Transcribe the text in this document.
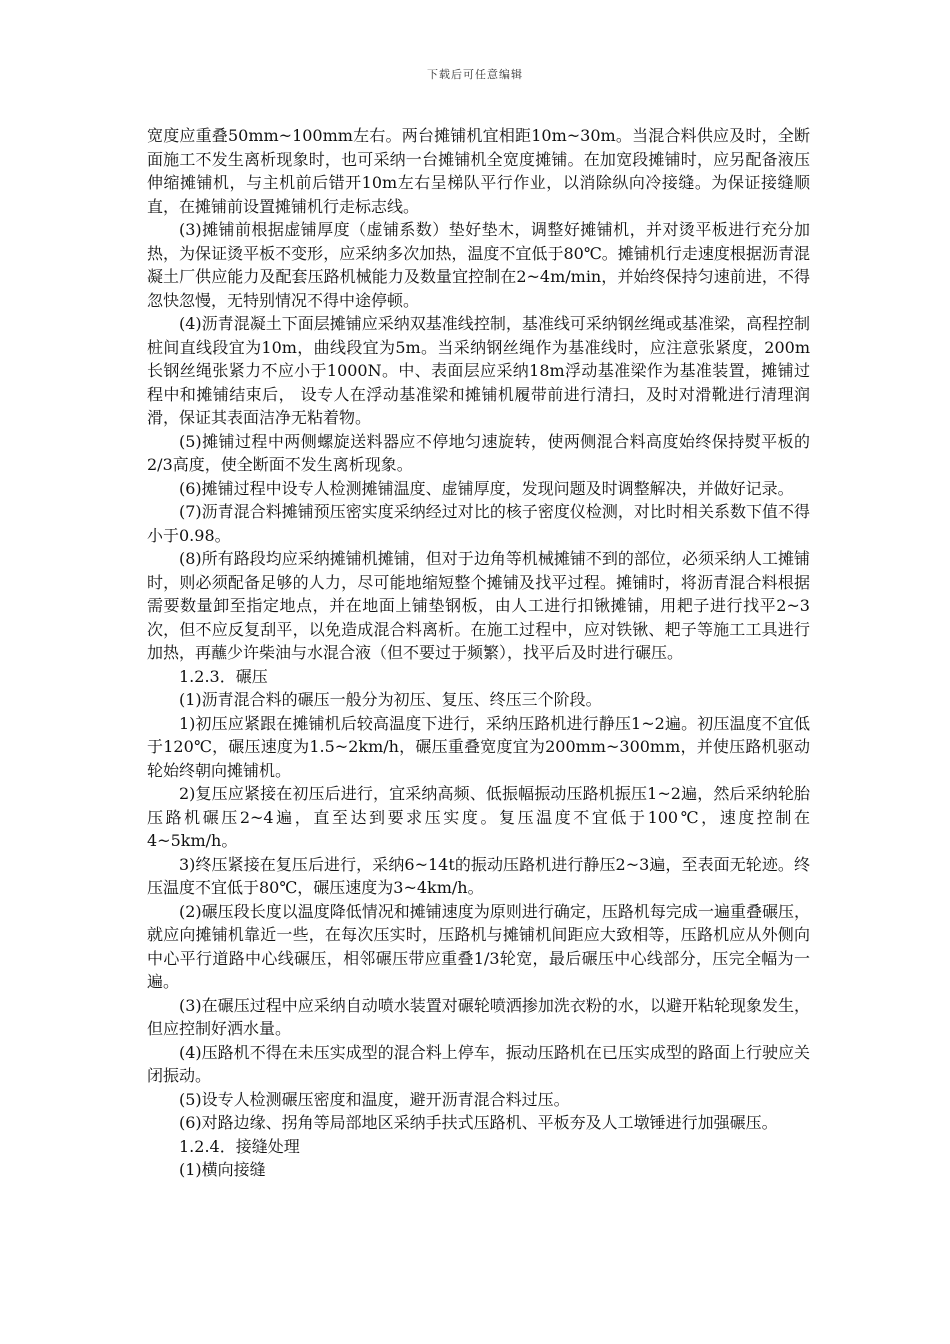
下载后可任意编辑

宽度应重叠50mm~100mm左右。两台摊铺机宜相距10m~30m。当混合料供应及时，全断面施工不发生离析现象时，也可采纳一台摊铺机全宽度摊铺。在加宽段摊铺时，应另配备液压伸缩摊铺机，与主机前后错开10m左右呈梯队平行作业，以消除纵向冷接缝。为保证接缝顺直，在摊铺前设置摊铺机行走标志线。

(3)摊铺前根据虚铺厚度（虚铺系数）垫好垫木，调整好摊铺机，并对烫平板进行充分加热，为保证烫平板不变形，应采纳多次加热，温度不宜低于80℃。摊铺机行走速度根据沥青混凝土厂供应能力及配套压路机械能力及数量宜控制在2~4m/min，并始终保持匀速前进，不得忽快忽慢，无特别情况不得中途停顿。

(4)沥青混凝土下面层摊铺应采纳双基准线控制，基准线可采纳钢丝绳或基准梁，高程控制桩间直线段宜为10m，曲线段宜为5m。当采纳钢丝绳作为基准线时，应注意张紧度，200m长钢丝绳张紧力不应小于1000N。中、表面层应采纳18m浮动基准梁作为基准装置，摊铺过程中和摊铺结束后， 设专人在浮动基准梁和摊铺机履带前进行清扫，及时对滑靴进行清理润滑，保证其表面洁净无粘着物。

(5)摊铺过程中两侧螺旋送料器应不停地匀速旋转，使两侧混合料高度始终保持熨平板的2/3高度，使全断面不发生离析现象。

(6)摊铺过程中设专人检测摊铺温度、虚铺厚度，发现问题及时调整解决，并做好记录。

(7)沥青混合料摊铺预压密实度采纳经过对比的核子密度仪检测，对比时相关系数下值不得小于0.98。

(8)所有路段均应采纳摊铺机摊铺，但对于边角等机械摊铺不到的部位，必须采纳人工摊铺时，则必须配备足够的人力，尽可能地缩短整个摊铺及找平过程。摊铺时，将沥青混合料根据需要数量卸至指定地点，并在地面上铺垫钢板，由人工进行扣锹摊铺，用耙子进行找平2~3次，但不应反复刮平，以免造成混合料离析。在施工过程中，应对铁锹、耙子等施工工具进行加热，再蘸少许柴油与水混合液（但不要过于频繁），找平后及时进行碾压。

1.2.3．碾压

(1)沥青混合料的碾压一般分为初压、复压、终压三个阶段。

1)初压应紧跟在摊铺机后较高温度下进行，采纳压路机进行静压1~2遍。初压温度不宜低于120℃，碾压速度为1.5~2km/h，碾压重叠宽度宜为200mm~300mm，并使压路机驱动轮始终朝向摊铺机。

2)复压应紧接在初压后进行，宜采纳高频、低振幅振动压路机振压1~2遍，然后采纳轮胎压路机碾压2~4遍，直至达到要求压实度。复压温度不宜低于100℃，速度控制在4~5km/h。

3)终压紧接在复压后进行，采纳6~14t的振动压路机进行静压2~3遍，至表面无轮迹。终压温度不宜低于80℃，碾压速度为3~4km/h。

(2)碾压段长度以温度降低情况和摊铺速度为原则进行确定，压路机每完成一遍重叠碾压，就应向摊铺机靠近一些，在每次压实时，压路机与摊铺机间距应大致相等，压路机应从外侧向中心平行道路中心线碾压，相邻碾压带应重叠1/3轮宽，最后碾压中心线部分，压完全幅为一遍。

(3)在碾压过程中应采纳自动喷水装置对碾轮喷洒掺加洗衣粉的水，以避开粘轮现象发生，但应控制好洒水量。

(4)压路机不得在未压实成型的混合料上停车，振动压路机在已压实成型的路面上行驶应关闭振动。

(5)设专人检测碾压密度和温度，避开沥青混合料过压。

(6)对路边缘、拐角等局部地区采纳手扶式压路机、平板夯及人工墩锤进行加强碾压。

1.2.4．接缝处理

(1)横向接缝
